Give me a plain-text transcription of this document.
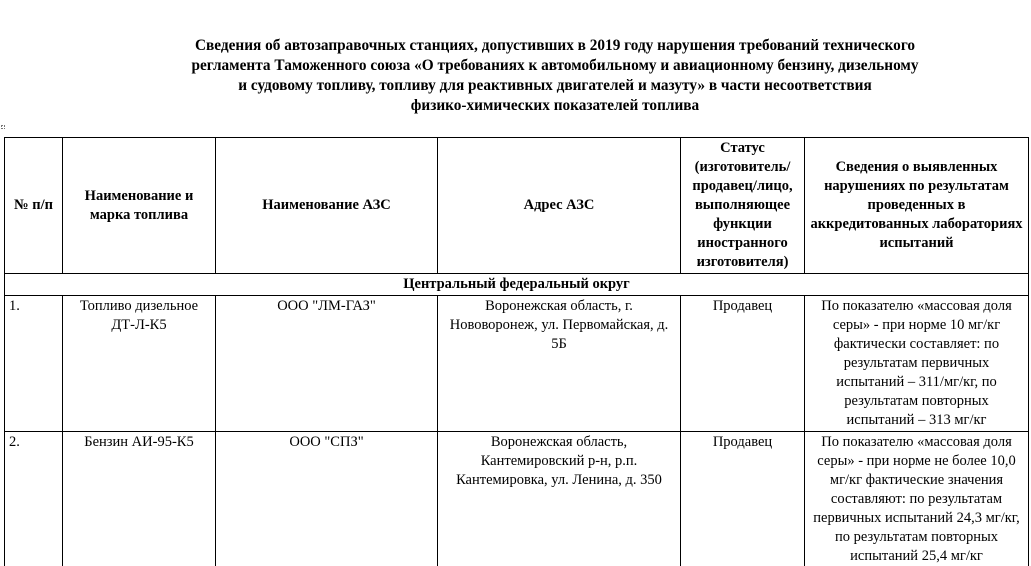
Сведения об автозаправочных станциях, допустивших в 2019 году нарушения требований технического
регламента Таможенного союза «О требованиях к автомобильному и авиационному бензину, дизельному
и судовому топливу, топливу для реактивных двигателей и мазуту» в части несоответствия
физико-химических показателей топлива
№ п/п	Наименование и марка топлива	Наименование АЗС	Адрес АЗС	Статус (изготовитель/ продавец/лицо, выполняющее функции иностранного изготовителя)	Сведения о выявленных нарушениях по результатам проведенных в аккредитованных лабораториях испытаний
Центральный федеральный округ					
1.	Топливо дизельное ДТ-Л-К5	ООО "ЛМ-ГАЗ"	Воронежская область, г. Нововоронеж, ул. Первомайская, д. 5Б	Продавец	По показателю «массовая доля серы» - при норме 10 мг/кг фактически составляет: по результатам первичных испытаний – 311/мг/кг, по результатам повторных испытаний – 313 мг/кг
2.	Бензин АИ-95-К5	ООО "СПЗ"	Воронежская область, Кантемировский р-н, р.п. Кантемировка, ул. Ленина, д. 350	Продавец	По показателю «массовая доля серы» - при норме не более 10,0 мг/кг фактические значения составляют: по результатам первичных испытаний 24,3 мг/кг, по результатам повторных испытаний 25,4 мг/кг
